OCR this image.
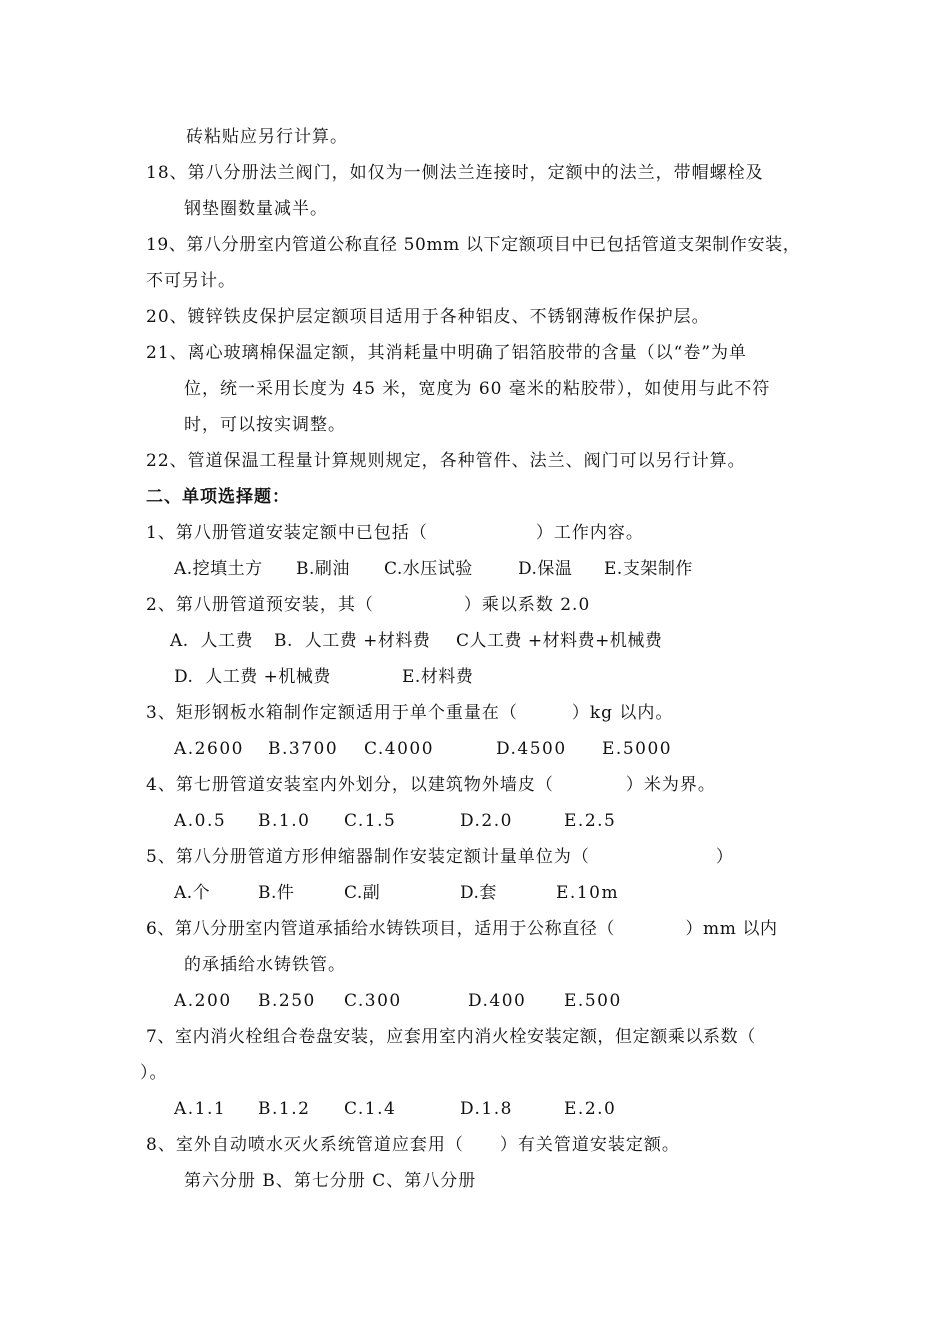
砖粘贴应另行计算。
18、第八分册法兰阀门，如仅为一侧法兰连接时，定额中的法兰，带帽螺栓及
钢垫圈数量减半。
19、第八分册室内管道公称直径 50mm 以下定额项目中已包括管道支架制作安装，
不可另计。
20、镀锌铁皮保护层定额项目适用于各种铝皮、不锈钢薄板作保护层。
21、离心玻璃棉保温定额，其消耗量中明确了铝箔胶带的含量（以“卷”为单
位，统一采用长度为 45 米，宽度为 60 毫米的粘胶带），如使用与此不符
时，可以按实调整。
22、管道保温工程量计算规则规定，各种管件、法兰、阀门可以另行计算。
二、单项选择题：
1、第八册管道安装定额中已包括（　　　　　　）工作内容。
A.挖填土方 B.刷油 C.水压试验	D.保温 E.支架制作
2、第八册管道预安装，其（　　　　　）乘以系数 2.0
A.  人工费 B.  人工费 +材料费 C人工费 +材料费+机械费
D.  人工费 +机械费	E.材料费
3、矩形钢板水箱制作定额适用于单个重量在（　　　）kg 以内。
A.2600 B.3700 C.4000	D.4500 E.5000
4、第七册管道安装室内外划分，以建筑物外墙皮（　　　　）米为界。
A.0.5 B.1.0 C.1.5	D.2.0	E.2.5
5、第八分册管道方形伸缩器制作安装定额计量单位为（　　　　　　　）
A.个	B.件	C.副	D.套	E.10m
6、第八分册室内管道承插给水铸铁项目，适用于公称直径（　　　　）mm 以内
的承插给水铸铁管。
A.200 B.250 C.300	D.400 E.500
7、室内消火栓组合卷盘安装，应套用室内消火栓安装定额，但定额乘以系数（
）。
A.1.1 B.1.2 C.1.4	D.1.8	E.2.0
8、室外自动喷水灭火系统管道应套用（　　）有关管道安装定额。
第六分册 B、第七分册 C、第八分册
